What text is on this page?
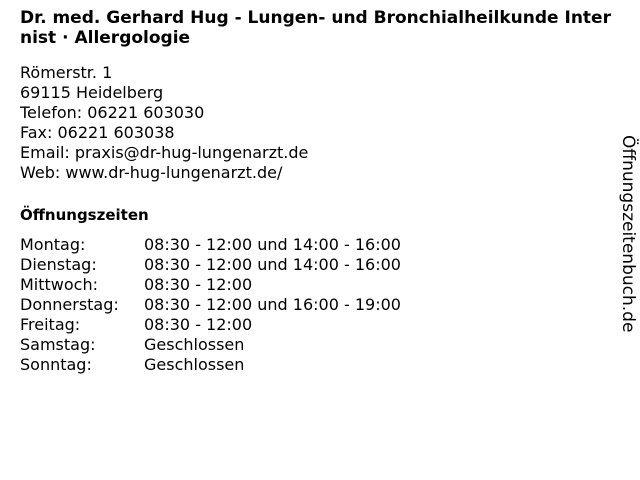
Dr. med. Gerhard Hug - Lungen- und Bronchialheilkunde Internist · Allergologie
Römerstr. 1
69115 Heidelberg
Telefon: 06221 603030
Fax: 06221 603038
Email: praxis@dr-hug-lungenarzt.de
Web: www.dr-hug-lungenarzt.de/
Öffnungszeiten
Montag:	08:30 - 12:00 und 14:00 - 16:00
Dienstag:	08:30 - 12:00 und 14:00 - 16:00
Mittwoch:	08:30 - 12:00
Donnerstag:	08:30 - 12:00 und 16:00 - 19:00
Freitag:	08:30 - 12:00
Samstag:	Geschlossen
Sonntag:	Geschlossen
Öffnungszeitenbuch.de
